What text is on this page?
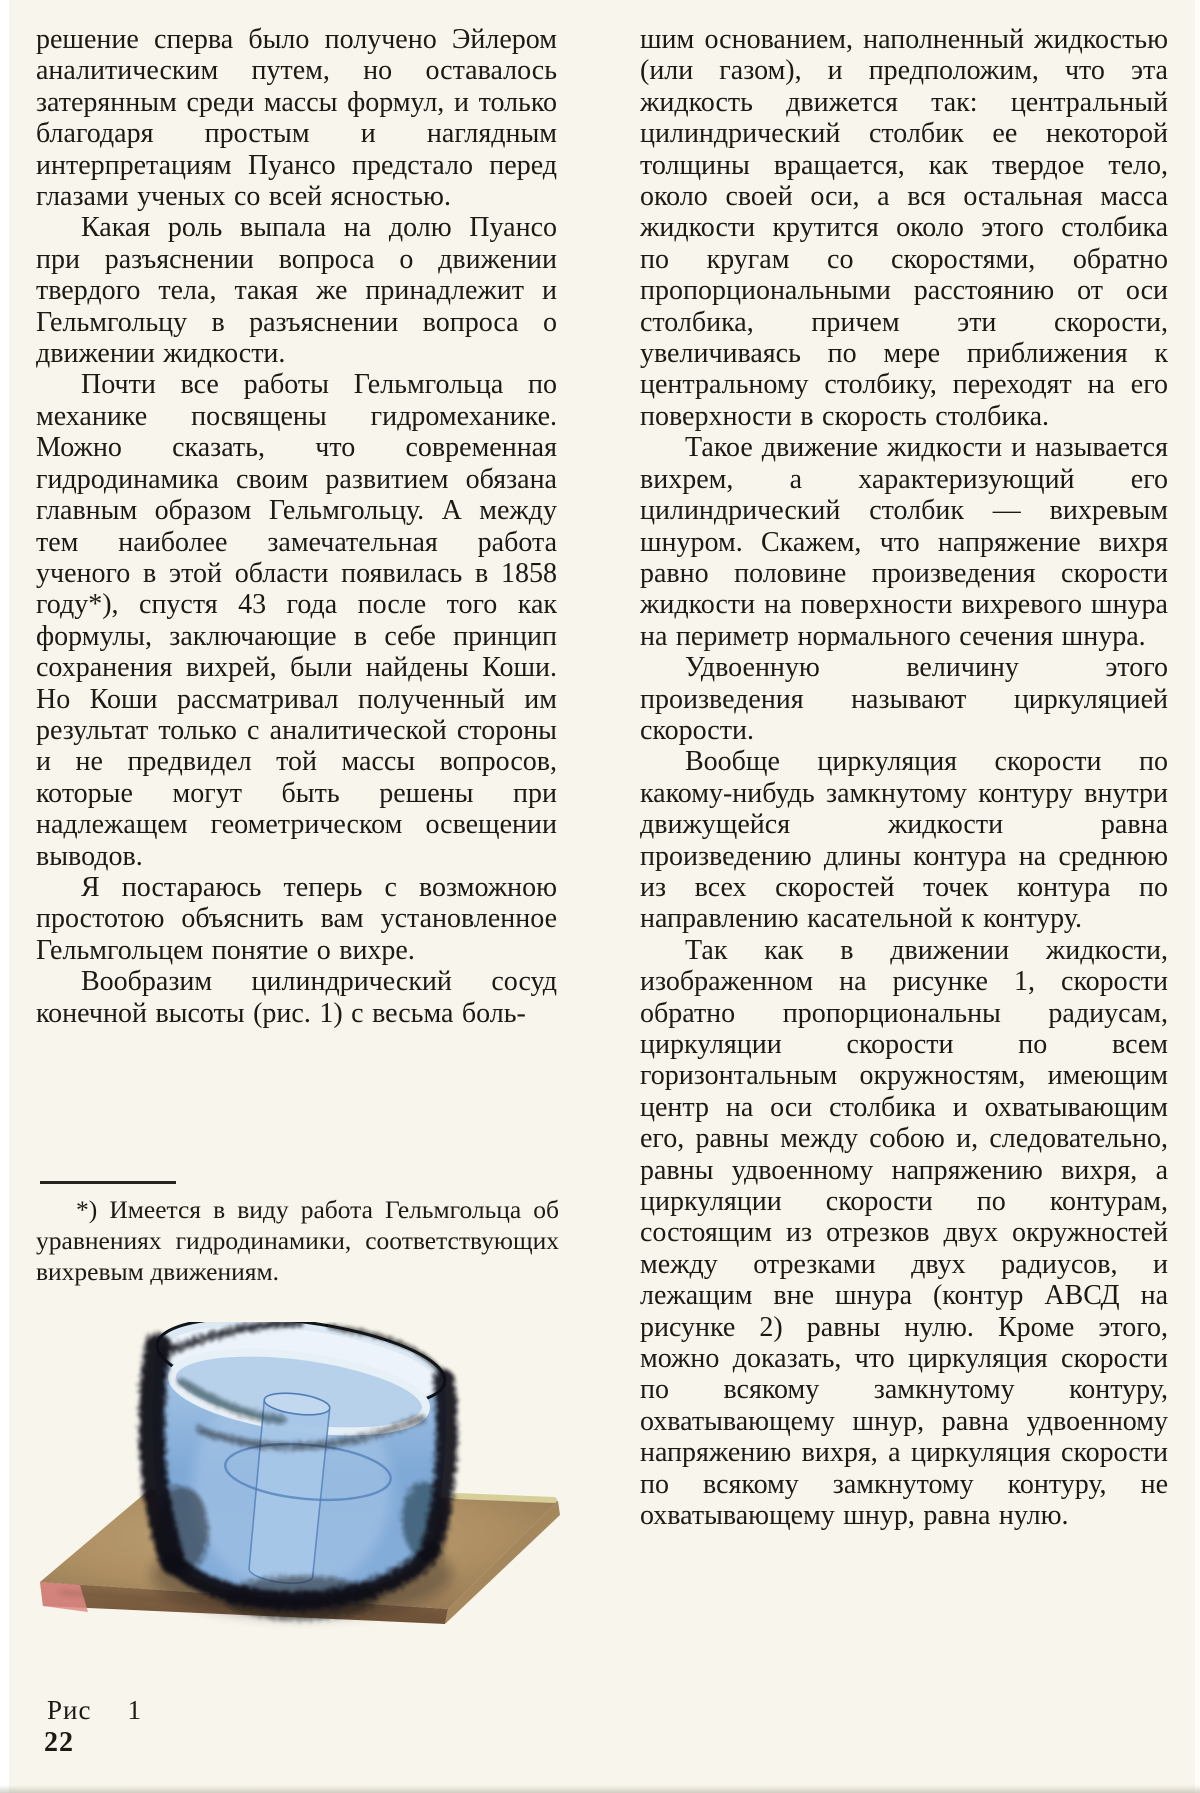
решение сперва было получено Эйлером аналитическим путем, но оставалось затерянным среди массы формул, и только благодаря простым и наглядным интерпретациям Пуансо предстало перед глазами ученых со всей ясностью.

Какая роль выпала на долю Пуансо при разъяснении вопроса о движении твердого тела, такая же принадлежит и Гельмгольцу в разъяснении вопроса о движении жидкости.

Почти все работы Гельмгольца по механике посвящены гидромеханике. Можно сказать, что современная гидродинамика своим развитием обязана главным образом Гельмгольцу. А между тем наиболее замечательная работа ученого в этой области появилась в 1858 году*), спустя 43 года после того как формулы, заключающие в себе принцип сохранения вихрей, были найдены Коши. Но Коши рассматривал полученный им результат только с аналитической стороны и не предвидел той массы вопросов, которые могут быть решены при надлежащем геометрическом освещении выводов.

Я постараюсь теперь с возможною простотою объяснить вам установленное Гельмгольцем понятие о вихре.

Вообразим цилиндрический сосуд конечной высоты (рис. 1) с весьма боль-

шим основанием, наполненный жидкостью (или газом), и предположим, что эта жидкость движется так: центральный цилиндрический столбик ее некоторой толщины вращается, как твердое тело, около своей оси, а вся остальная масса жидкости крутится около этого столбика по кругам со скоростями, обратно пропорциональными расстоянию от оси столбика, причем эти скорости, увеличиваясь по мере приближения к центральному столбику, переходят на его поверхности в скорость столбика.

Такое движение жидкости и называется вихрем, а характеризующий его цилиндрический столбик — вихревым шнуром. Скажем, что напряжение вихря равно половине произведения скорости жидкости на поверхности вихревого шнура на периметр нормального сечения шнура.

Удвоенную величину этого произведения называют циркуляцией скорости.

Вообще циркуляция скорости по какому-нибудь замкнутому контуру внутри движущейся жидкости равна произведению длины контура на среднюю из всех скоростей точек контура по направлению касательной к контуру.

Так как в движении жидкости, изображенном на рисунке 1, скорости обратно пропорциональны радиусам, циркуляции скорости по всем горизонтальным окружностям, имеющим центр на оси столбика и охватывающим его, равны между собою и, следовательно, равны удвоенному напряжению вихря, а циркуляции скорости по контурам, состоящим из отрезков двух окружностей между отрезками двух радиусов, и лежащим вне шнура (контур АВСД на рисунке 2) равны нулю. Кроме этого, можно доказать, что циркуляция скорости по всякому замкнутому контуру, охватывающему шнур, равна удвоенному напряжению вихря, а циркуляция скорости по всякому замкнутому контуру, не охватывающему шнур, равна нулю.

*) Имеется в виду работа Гельмгольца об уравнениях гидродинамики, соответствующих вихревым движениям.

Рис 1
22
